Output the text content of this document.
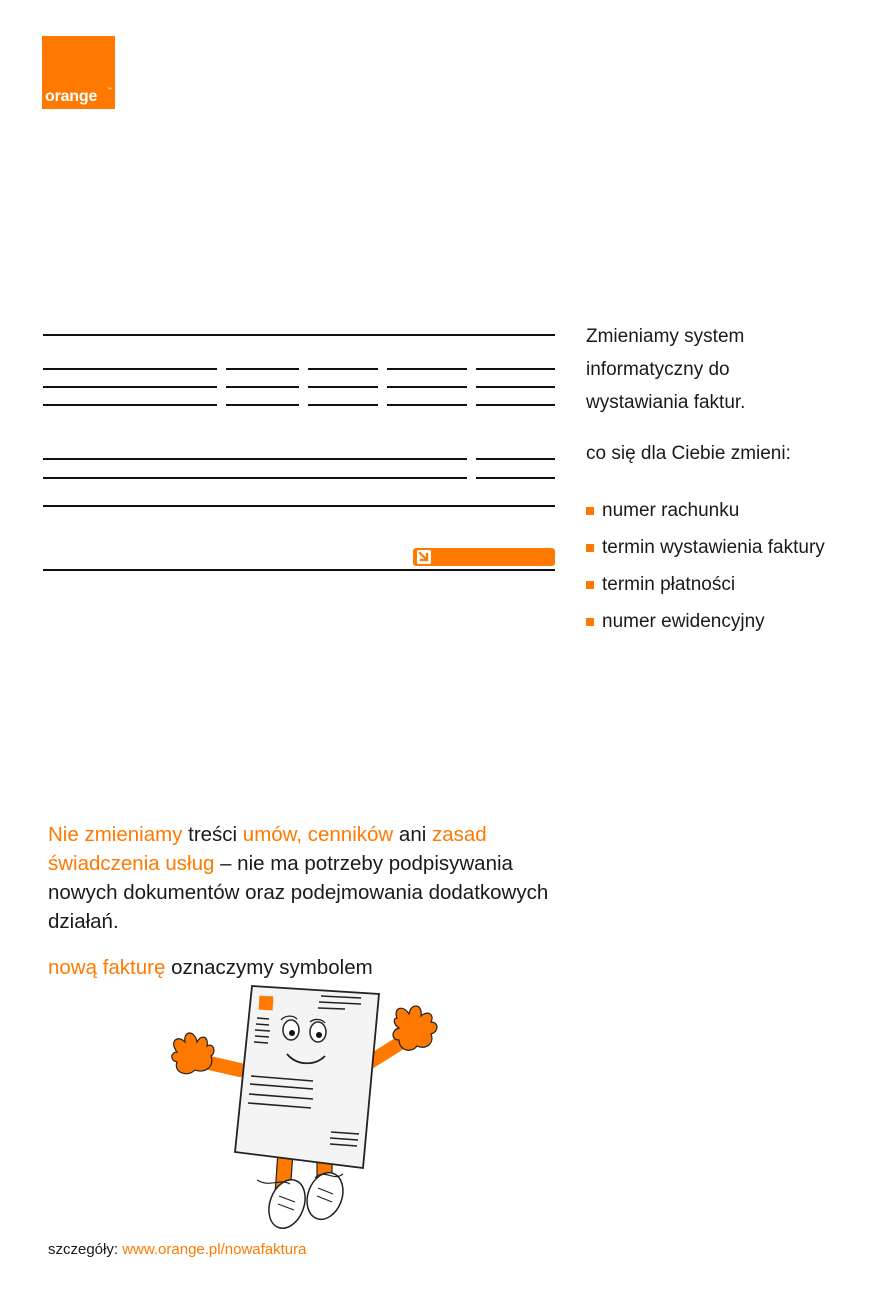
orange ™
Zmieniamy system
informatyczny do
wystawiania faktur.
co się dla Ciebie zmieni:
numer rachunku
termin wystawienia faktury
termin płatności
numer ewidencyjny
Nie zmieniamy treści umów, cenników ani zasad świadczenia usług – nie ma potrzeby podpisywania nowych dokumentów oraz podejmowania dodatkowych działań.
nową fakturę oznaczymy symbolem
szczegóły: www.orange.pl/nowafaktura
